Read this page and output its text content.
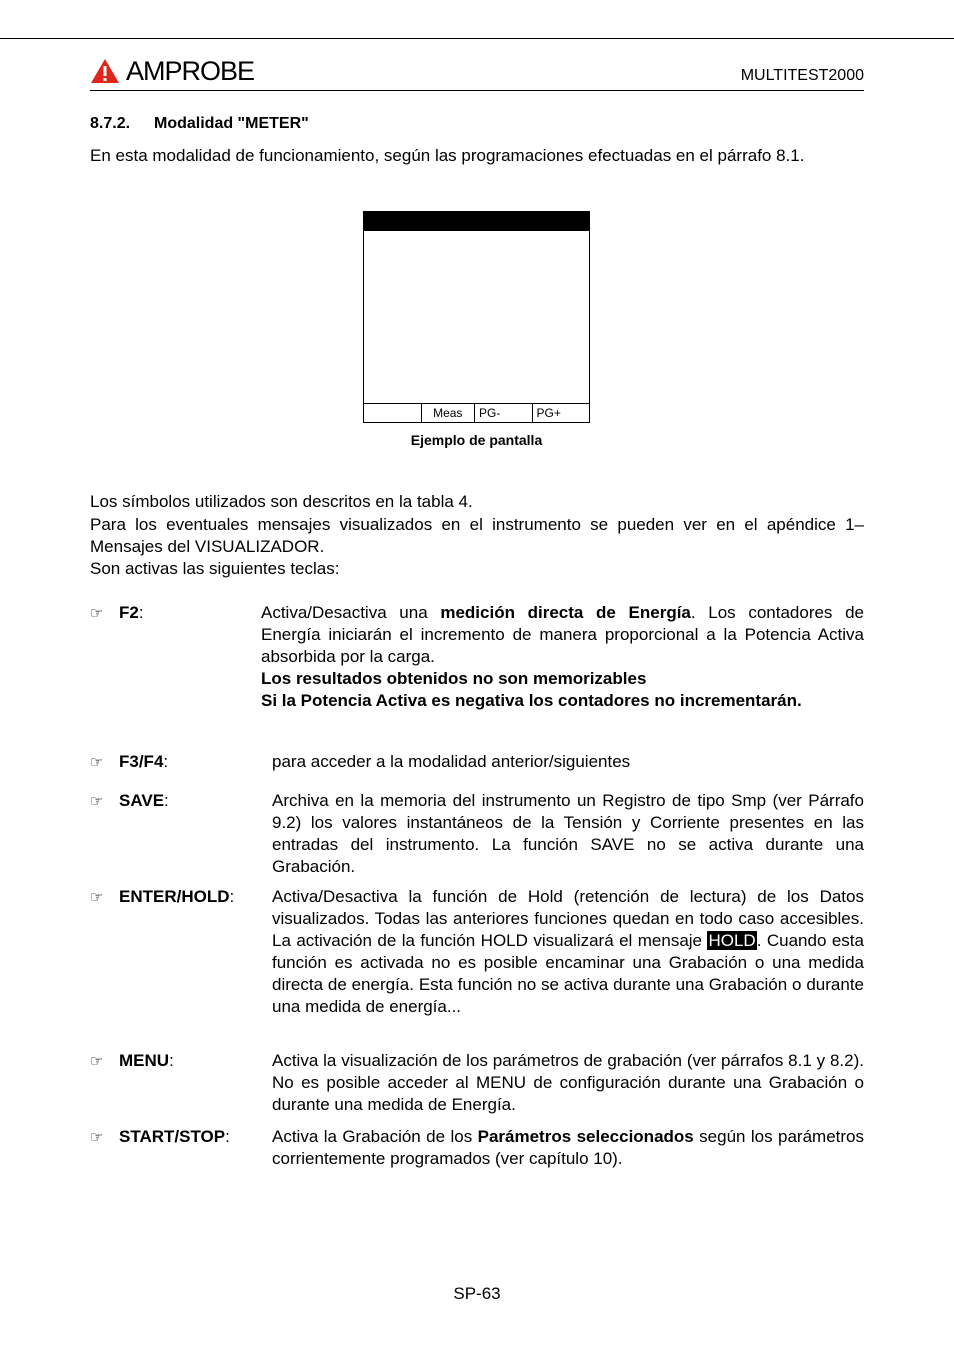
AMPROBE	MULTITEST2000
8.7.2. Modalidad "METER"
En esta modalidad de funcionamiento, según las programaciones efectuadas en el párrafo 8.1.
Meas	PG-	PG+
Ejemplo de pantalla
Los símbolos utilizados son descritos en la tabla 4.
Para los eventuales mensajes visualizados en el instrumento se pueden ver en el apéndice 1–Mensajes del VISUALIZADOR.
Son activas las siguientes teclas:
☞ F2:	Activa/Desactiva una medición directa de Energía. Los contadores de Energía iniciarán el incremento de manera proporcional a la Potencia Activa absorbida por la carga.
Los resultados obtenidos no son memorizables
Si la Potencia Activa es negativa los contadores no incrementarán.
☞ F3/F4:	para acceder a la modalidad anterior/siguientes
☞ SAVE:	Archiva en la memoria del instrumento un Registro de tipo Smp (ver Párrafo 9.2) los valores instantáneos de la Tensión y Corriente presentes en las entradas del instrumento. La función SAVE no se activa durante una Grabación.
☞ ENTER/HOLD: Activa/Desactiva la función de Hold (retención de lectura) de los Datos visualizados. Todas las anteriores funciones quedan en todo caso accesibles. La activación de la función HOLD visualizará el mensaje HOLD. Cuando esta función es activada no es posible encaminar una Grabación o una medida directa de energía. Esta función no se activa durante una Grabación o durante una medida de energía...
☞ MENU:	Activa la visualización de los parámetros de grabación (ver párrafos 8.1 y 8.2). No es posible acceder al MENU de configuración durante una Grabación o durante una medida de Energía.
☞ START/STOP: Activa la Grabación de los Parámetros seleccionados según los parámetros corrientemente programados (ver capítulo 10).
SP-63
